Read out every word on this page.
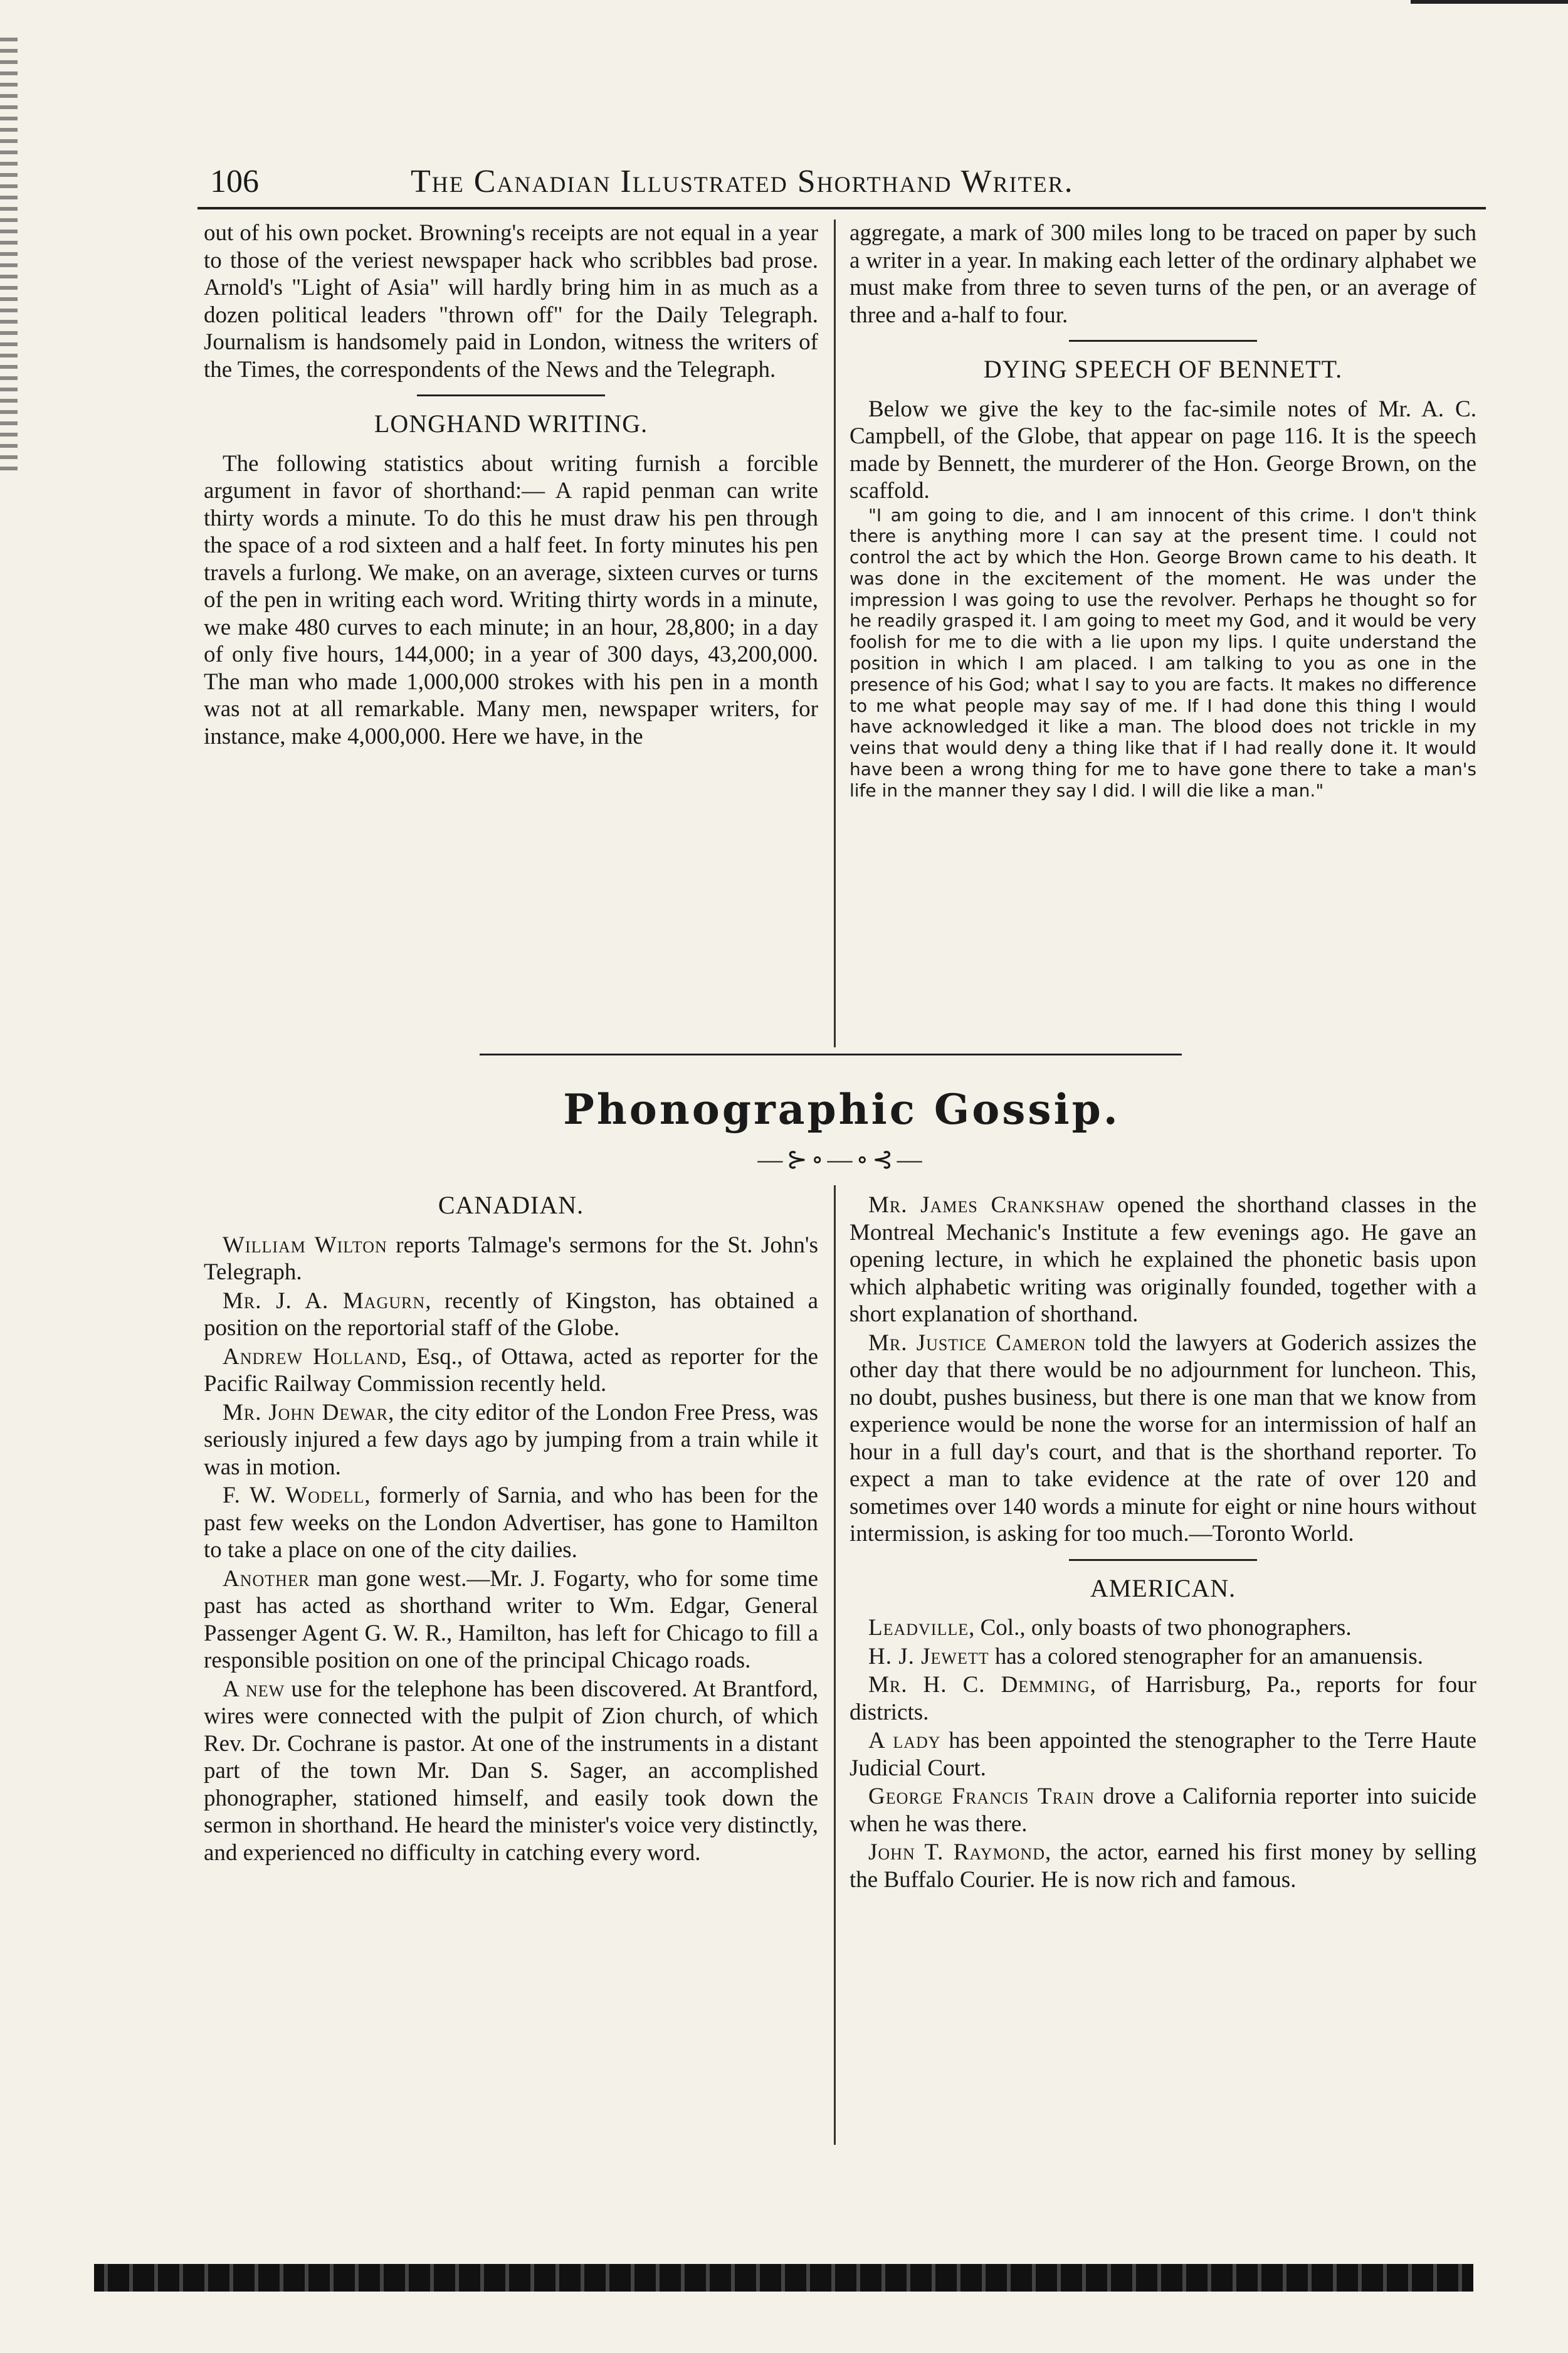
106	The Canadian Illustrated Shorthand Writer.

out of his own pocket. Browning's receipts are not equal in a year to those of the veriest newspaper hack who scribbles bad prose. Arnold's "Light of Asia" will hardly bring him in as much as a dozen political leaders "thrown off" for the Daily Telegraph. Journalism is handsomely paid in London, witness the writers of the Times, the correspondents of the News and the Telegraph.

LONGHAND WRITING.

The following statistics about writing furnish a forcible argument in favor of shorthand:— A rapid penman can write thirty words a minute. To do this he must draw his pen through the space of a rod sixteen and a half feet. In forty minutes his pen travels a furlong. We make, on an average, sixteen curves or turns of the pen in writing each word. Writing thirty words in a minute, we make 480 curves to each minute; in an hour, 28,800; in a day of only five hours, 144,000; in a year of 300 days, 43,200,000. The man who made 1,000,000 strokes with his pen in a month was not at all remarkable. Many men, newspaper writers, for instance, make 4,000,000. Here we have, in the

aggregate, a mark of 300 miles long to be traced on paper by such a writer in a year. In making each letter of the ordinary alphabet we must make from three to seven turns of the pen, or an average of three and a-half to four.

DYING SPEECH OF BENNETT.

Below we give the key to the fac-simile notes of Mr. A. C. Campbell, of the Globe, that appear on page 116. It is the speech made by Bennett, the murderer of the Hon. George Brown, on the scaffold.

"I am going to die, and I am innocent of this crime. I don't think there is anything more I can say at the present time. I could not control the act by which the Hon. George Brown came to his death. It was done in the excitement of the moment. He was under the impression I was going to use the revolver. Perhaps he thought so for he readily grasped it. I am going to meet my God, and it would be very foolish for me to die with a lie upon my lips. I quite understand the position in which I am placed. I am talking to you as one in the presence of his God; what I say to you are facts. It makes no difference to me what people may say of me. If I had done this thing I would have acknowledged it like a man. The blood does not trickle in my veins that would deny a thing like that if I had really done it. It would have been a wrong thing for me to have gone there to take a man's life in the manner they say I did. I will die like a man."

Phonographic Gossip.
—⊱∘—∘⊰—
CANADIAN.

William Wilton reports Talmage's sermons for the St. John's Telegraph.

Mr. J. A. Magurn, recently of Kingston, has obtained a position on the reportorial staff of the Globe.

Andrew Holland, Esq., of Ottawa, acted as reporter for the Pacific Railway Commission recently held.

Mr. John Dewar, the city editor of the London Free Press, was seriously injured a few days ago by jumping from a train while it was in motion.

F. W. Wodell, formerly of Sarnia, and who has been for the past few weeks on the London Advertiser, has gone to Hamilton to take a place on one of the city dailies.

Another man gone west.—Mr. J. Fogarty, who for some time past has acted as shorthand writer to Wm. Edgar, General Passenger Agent G. W. R., Hamilton, has left for Chicago to fill a responsible position on one of the principal Chicago roads.

A new use for the telephone has been discovered. At Brantford, wires were connected with the pulpit of Zion church, of which Rev. Dr. Cochrane is pastor. At one of the instruments in a distant part of the town Mr. Dan S. Sager, an accomplished phonographer, stationed himself, and easily took down the sermon in shorthand. He heard the minister's voice very distinctly, and experienced no difficulty in catching every word.

Mr. James Crankshaw opened the shorthand classes in the Montreal Mechanic's Institute a few evenings ago. He gave an opening lecture, in which he explained the phonetic basis upon which alphabetic writing was originally founded, together with a short explanation of shorthand.

Mr. Justice Cameron told the lawyers at Goderich assizes the other day that there would be no adjournment for luncheon. This, no doubt, pushes business, but there is one man that we know from experience would be none the worse for an intermission of half an hour in a full day's court, and that is the shorthand reporter. To expect a man to take evidence at the rate of over 120 and sometimes over 140 words a minute for eight or nine hours without intermission, is asking for too much.—Toronto World.

AMERICAN.

Leadville, Col., only boasts of two phonographers.

H. J. Jewett has a colored stenographer for an amanuensis.

Mr. H. C. Demming, of Harrisburg, Pa., reports for four districts.

A lady has been appointed the stenographer to the Terre Haute Judicial Court.

George Francis Train drove a California reporter into suicide when he was there.

John T. Raymond, the actor, earned his first money by selling the Buffalo Courier. He is now rich and famous.
